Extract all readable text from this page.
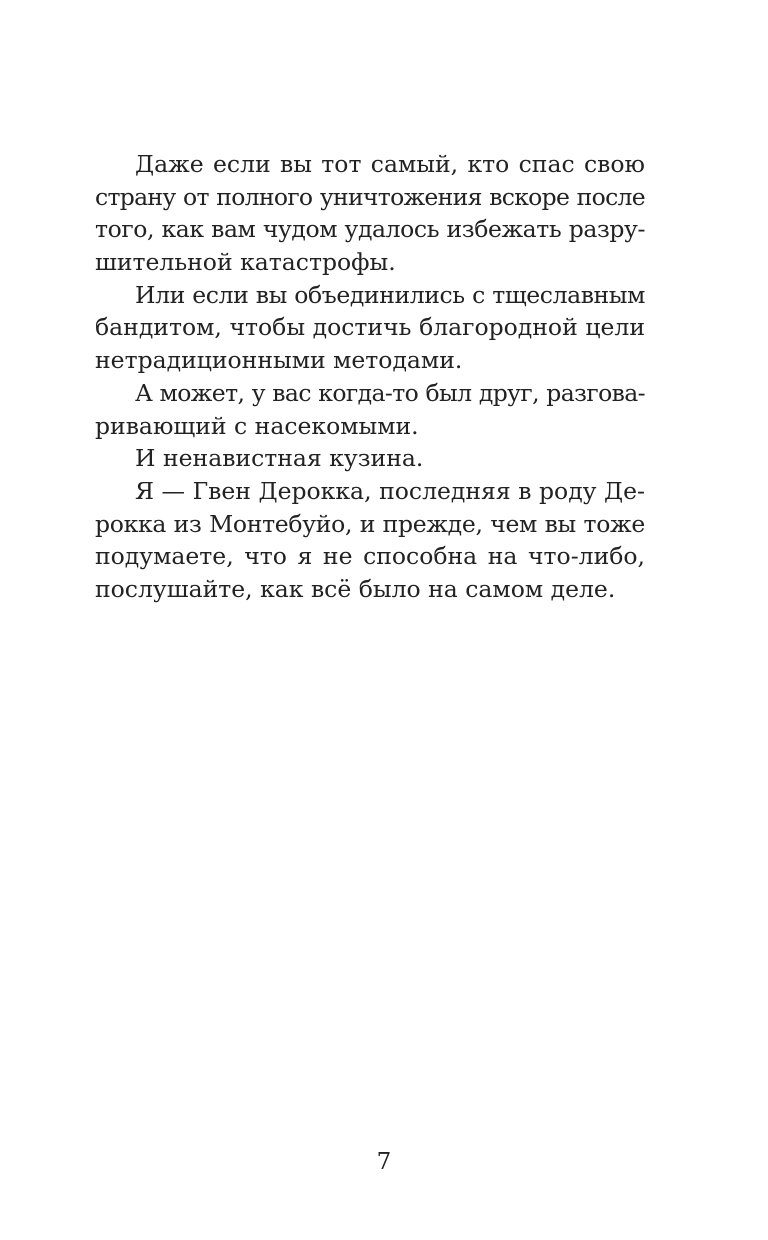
Даже если вы тот самый, кто спас свою
страну от полного уничтожения вскоре после
того, как вам чудом удалось избежать разру-
шительной катастрофы.
Или если вы объединились с тщеславным
бандитом, чтобы достичь благородной цели
нетрадиционными методами.
А может, у вас когда-то был друг, разгова-
ривающий с насекомыми.
И ненавистная кузина.
Я — Гвен Дерокка, последняя в роду Де-
рокка из Монтебуйо, и прежде, чем вы тоже
подумаете, что я не способна на что-либо,
послушайте, как всё было на самом деле.
7
